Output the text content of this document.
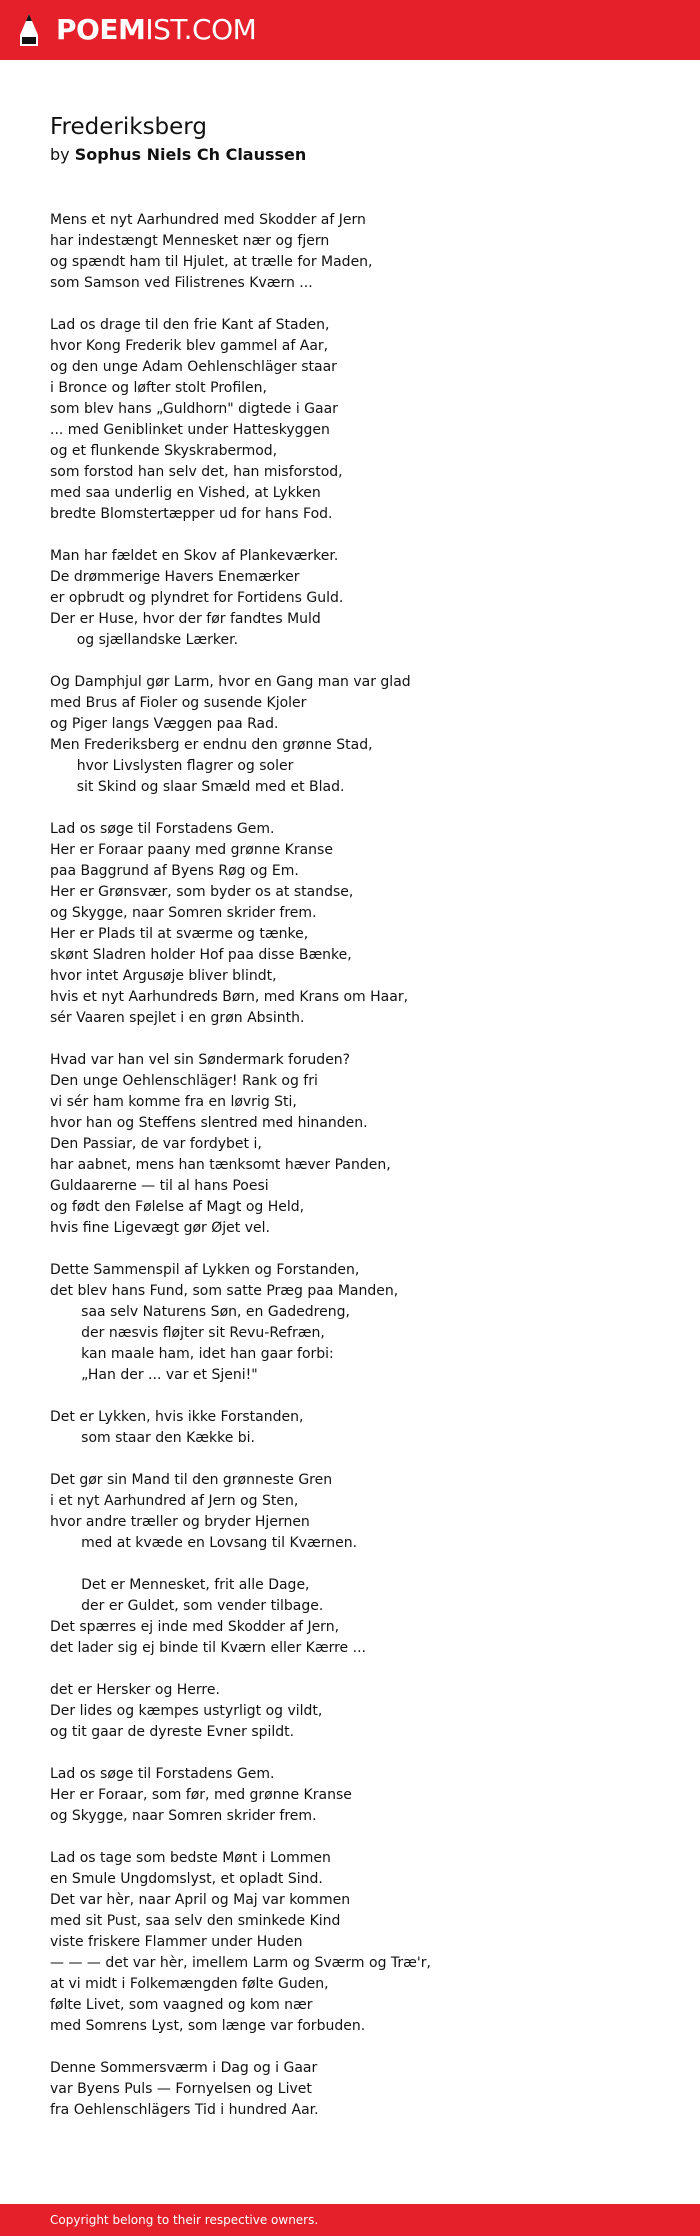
POEMIST.COM
Frederiksberg
by Sophus Niels Ch Claussen
Mens et nyt Aarhundred med Skodder af Jern
har indestængt Mennesket nær og fjern
og spændt ham til Hjulet, at trælle for Maden,
som Samson ved Filistrenes Kværn ...

Lad os drage til den frie Kant af Staden,
hvor Kong Frederik blev gammel af Aar,
og den unge Adam Oehlenschläger staar
i Bronce og løfter stolt Profilen,
som blev hans „Guldhorn" digtede i Gaar
... med Geniblinket under Hatteskyggen
og et flunkende Skyskrabermod,
som forstod han selv det, han misforstod,
med saa underlig en Vished, at Lykken
bredte Blomstertæpper ud for hans Fod.

Man har fældet en Skov af Plankeværker.
De drømmerige Havers Enemærker
er opbrudt og plyndret for Fortidens Guld.
Der er Huse, hvor der før fandtes Muld
og sjællandske Lærker.

Og Damphjul gør Larm, hvor en Gang man var glad
med Brus af Fioler og susende Kjoler
og Piger langs Væggen paa Rad.
Men Frederiksberg er endnu den grønne Stad,
hvor Livslysten flagrer og soler
sit Skind og slaar Smæld med et Blad.

Lad os søge til Forstadens Gem.
Her er Foraar paany med grønne Kranse
paa Baggrund af Byens Røg og Em.
Her er Grønsvær, som byder os at standse,
og Skygge, naar Somren skrider frem.
Her er Plads til at sværme og tænke,
skønt Sladren holder Hof paa disse Bænke,
hvor intet Argusøje bliver blindt,
hvis et nyt Aarhundreds Børn, med Krans om Haar,
sér Vaaren spejlet i en grøn Absinth.

Hvad var han vel sin Søndermark foruden?
Den unge Oehlenschläger! Rank og fri
vi sér ham komme fra en løvrig Sti,
hvor han og Steffens slentred med hinanden.
Den Passiar, de var fordybet i,
har aabnet, mens han tænksomt hæver Panden,
Guldaarerne — til al hans Poesi
og født den Følelse af Magt og Held,
hvis fine Ligevægt gør Øjet vel.

Dette Sammenspil af Lykken og Forstanden,
det blev hans Fund, som satte Præg paa Manden,
saa selv Naturens Søn, en Gadedreng,
der næsvis fløjter sit Revu-Refræn,
kan maale ham, idet han gaar forbi:
„Han der ... var et Sjeni!"

Det er Lykken, hvis ikke Forstanden,
som staar den Kække bi.

Det gør sin Mand til den grønneste Gren
i et nyt Aarhundred af Jern og Sten,
hvor andre træller og bryder Hjernen
med at kvæde en Lovsang til Kværnen.

Det er Mennesket, frit alle Dage,
der er Guldet, som vender tilbage.
Det spærres ej inde med Skodder af Jern,
det lader sig ej binde til Kværn eller Kærre ...

det er Hersker og Herre.
Der lides og kæmpes ustyrligt og vildt,
og tit gaar de dyreste Evner spildt.

Lad os søge til Forstadens Gem.
Her er Foraar, som før, med grønne Kranse
og Skygge, naar Somren skrider frem.

Lad os tage som bedste Mønt i Lommen
en Smule Ungdomslyst, et opladt Sind.
Det var hèr, naar April og Maj var kommen
med sit Pust, saa selv den sminkede Kind
viste friskere Flammer under Huden
— — — det var hèr, imellem Larm og Sværm og Træ'r,
at vi midt i Folkemængden følte Guden,
følte Livet, som vaagned og kom nær
med Somrens Lyst, som længe var forbuden.

Denne Sommersværm i Dag og i Gaar
var Byens Puls — Fornyelsen og Livet
fra Oehlenschlägers Tid i hundred Aar.
Copyright belong to their respective owners.
